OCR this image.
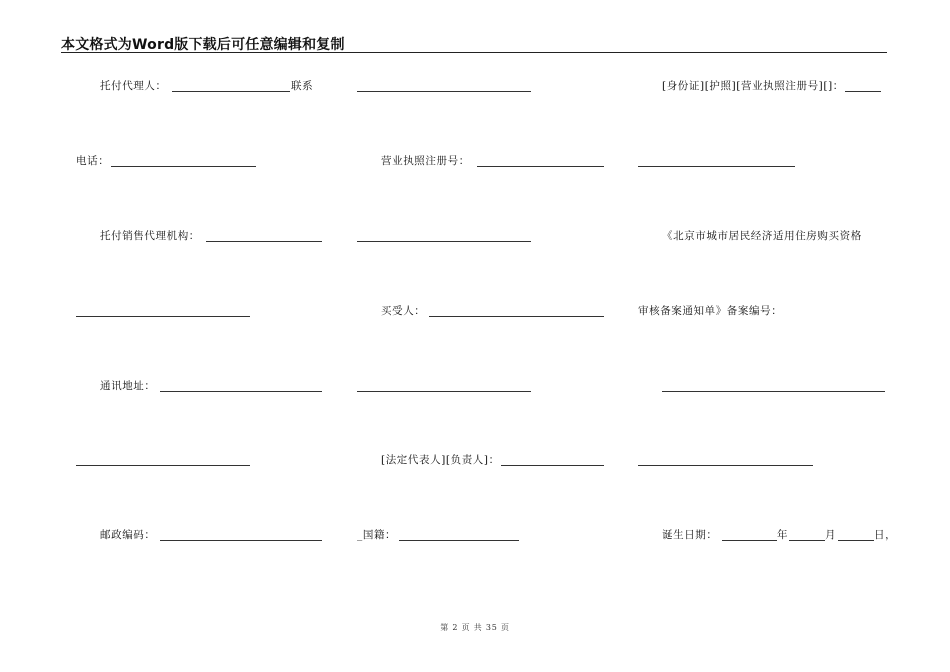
本文格式为Word版下载后可任意编辑和复制
托付代理人：	联系	[身份证][护照][营业执照注册号][]：
电话：	营业执照注册号：
托付销售代理机构：	《北京市城市居民经济适用住房购买资格
买受人：	审核备案通知单》备案编号：
通讯地址：
[法定代表人][负责人]：
邮政编码：	_国籍：	诞生日期：	年	月	日，
第 2 页 共 35 页
